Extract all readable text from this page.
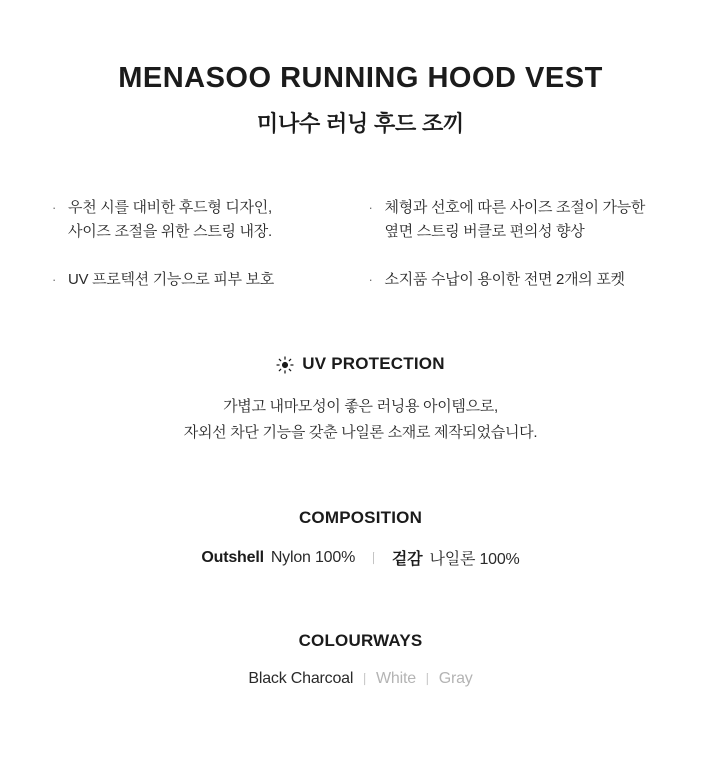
MENASOO RUNNING HOOD VEST
미나수 러닝 후드 조끼
· 우천 시를 대비한 후드형 디자인,
사이즈 조절을 위한 스트링 내장.
· UV 프로텍션 기능으로 피부 보호
· 체형과 선호에 따른 사이즈 조절이 가능한
옆면 스트링 버클로 편의성 향상
· 소지품 수납이 용이한 전면 2개의 포켓
UV PROTECTION
가볍고 내마모성이 좋은 러닝용 아이템으로,
자외선 차단 기능을 갖춘 나일론 소재로 제작되었습니다.
COMPOSITION
Outshell Nylon 100% 丨 겉감 나일론 100%
COLOURWAYS
Black Charcoal 丨 White 丨 Gray
